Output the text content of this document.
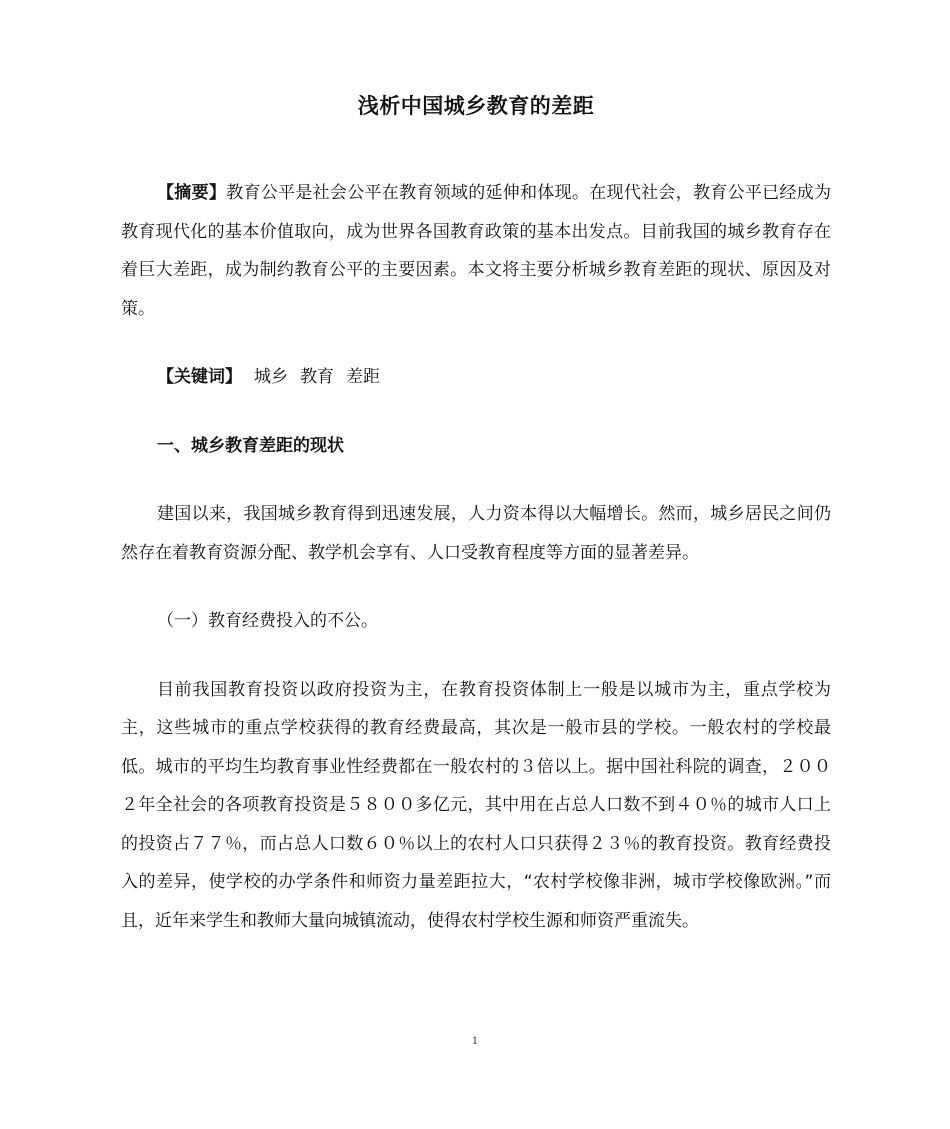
浅析中国城乡教育的差距

【摘要】教育公平是社会公平在教育领域的延伸和体现。在现代社会，教育公平已经成为教育现代化的基本价值取向，成为世界各国教育政策的基本出发点。目前我国的城乡教育存在着巨大差距，成为制约教育公平的主要因素。本文将主要分析城乡教育差距的现状、原因及对策。

【关键词】 城乡 教育 差距

一、城乡教育差距的现状

建国以来，我国城乡教育得到迅速发展，人力资本得以大幅增长。然而，城乡居民之间仍然存在着教育资源分配、教学机会享有、人口受教育程度等方面的显著差异。

（一）教育经费投入的不公。

目前我国教育投资以政府投资为主，在教育投资体制上一般是以城市为主，重点学校为主，这些城市的重点学校获得的教育经费最高，其次是一般市县的学校。一般农村的学校最低。城市的平均生均教育事业性经费都在一般农村的３倍以上。据中国社科院的调查，２００２年全社会的各项教育投资是５８００多亿元，其中用在占总人口数不到４０％的城市人口上的投资占７７％，而占总人口数６０％以上的农村人口只获得２３％的教育投资。教育经费投入的差异，使学校的办学条件和师资力量差距拉大，“农村学校像非洲，城市学校像欧洲。”而且，近年来学生和教师大量向城镇流动，使得农村学校生源和师资严重流失。

1
